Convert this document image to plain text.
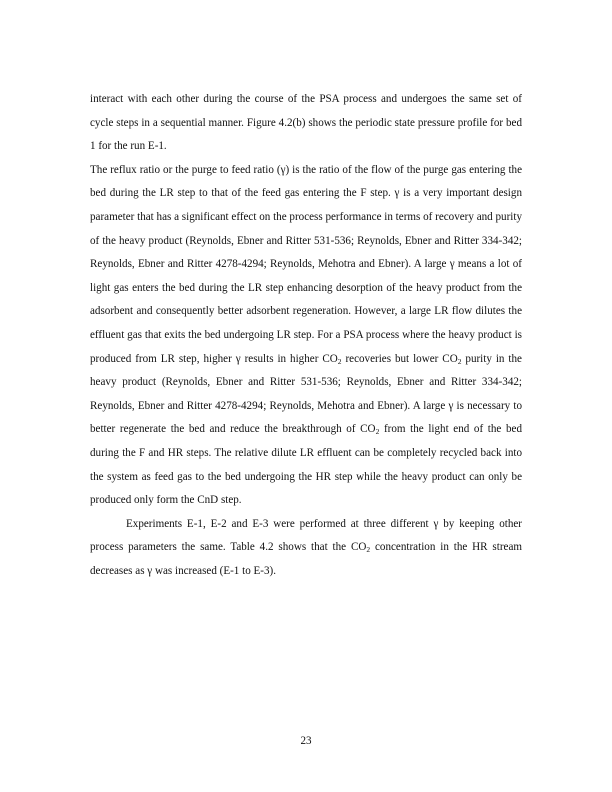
interact with each other during the course of the PSA process and undergoes the same set of cycle steps in a sequential manner. Figure 4.2(b) shows the periodic state pressure profile for bed 1 for the run E-1.

The reflux ratio or the purge to feed ratio (γ) is the ratio of the flow of the purge gas entering the bed during the LR step to that of the feed gas entering the F step. γ is a very important design parameter that has a significant effect on the process performance in terms of recovery and purity of the heavy product (Reynolds, Ebner and Ritter 531-536; Reynolds, Ebner and Ritter 334-342; Reynolds, Ebner and Ritter 4278-4294; Reynolds, Mehotra and Ebner). A large γ means a lot of light gas enters the bed during the LR step enhancing desorption of the heavy product from the adsorbent and consequently better adsorbent regeneration. However, a large LR flow dilutes the effluent gas that exits the bed undergoing LR step. For a PSA process where the heavy product is produced from LR step, higher γ results in higher $CO_2$ recoveries but lower $CO_2$ purity in the heavy product (Reynolds, Ebner and Ritter 531-536; Reynolds, Ebner and Ritter 334-342; Reynolds, Ebner and Ritter 4278-4294; Reynolds, Mehotra and Ebner). A large γ is necessary to better regenerate the bed and reduce the breakthrough of $CO_2$ from the light end of the bed during the F and HR steps. The relative dilute LR effluent can be completely recycled back into the system as feed gas to the bed undergoing the HR step while the heavy product can only be produced only form the CnD step.

Experiments E-1, E-2 and E-3 were performed at three different γ by keeping other process parameters the same. Table 4.2 shows that the $CO_2$ concentration in the HR stream decreases as γ was increased (E-1 to E-3).

23
